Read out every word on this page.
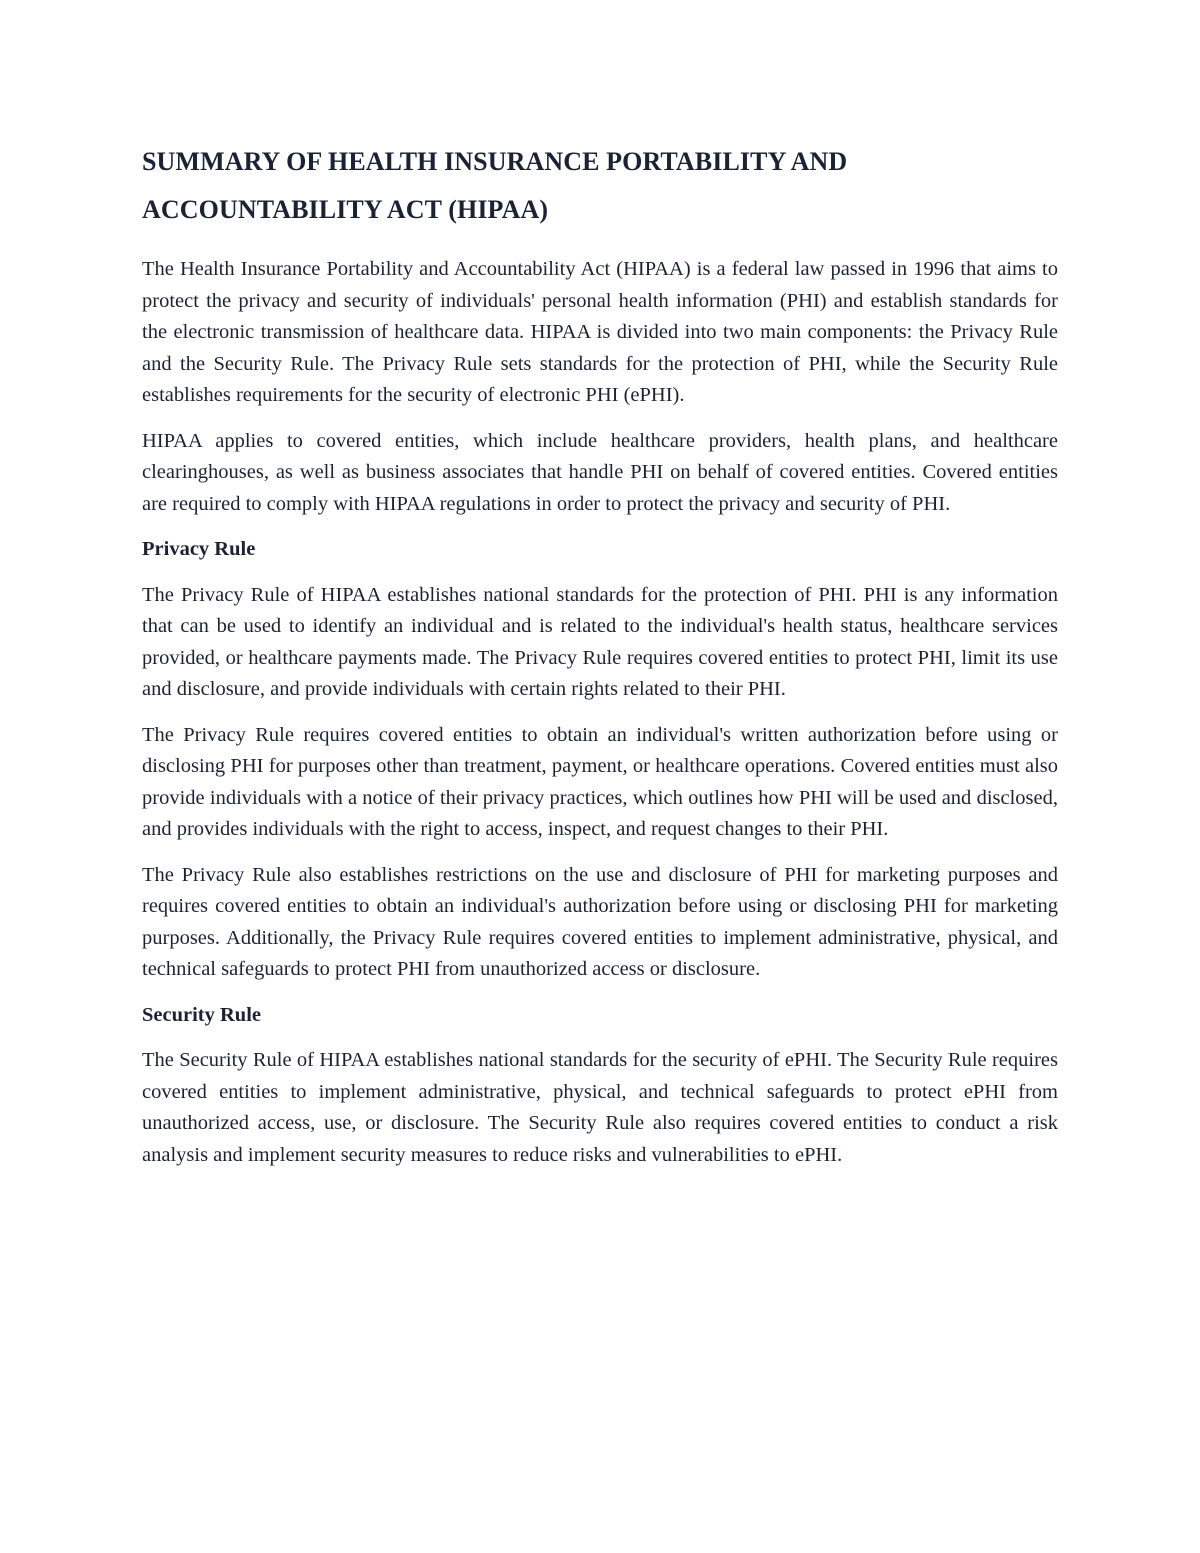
SUMMARY OF HEALTH INSURANCE PORTABILITY AND ACCOUNTABILITY ACT (HIPAA)

The Health Insurance Portability and Accountability Act (HIPAA) is a federal law passed in 1996 that aims to protect the privacy and security of individuals' personal health information (PHI) and establish standards for the electronic transmission of healthcare data. HIPAA is divided into two main components: the Privacy Rule and the Security Rule. The Privacy Rule sets standards for the protection of PHI, while the Security Rule establishes requirements for the security of electronic PHI (ePHI).

HIPAA applies to covered entities, which include healthcare providers, health plans, and healthcare clearinghouses, as well as business associates that handle PHI on behalf of covered entities. Covered entities are required to comply with HIPAA regulations in order to protect the privacy and security of PHI.

Privacy Rule

The Privacy Rule of HIPAA establishes national standards for the protection of PHI. PHI is any information that can be used to identify an individual and is related to the individual's health status, healthcare services provided, or healthcare payments made. The Privacy Rule requires covered entities to protect PHI, limit its use and disclosure, and provide individuals with certain rights related to their PHI.

The Privacy Rule requires covered entities to obtain an individual's written authorization before using or disclosing PHI for purposes other than treatment, payment, or healthcare operations. Covered entities must also provide individuals with a notice of their privacy practices, which outlines how PHI will be used and disclosed, and provides individuals with the right to access, inspect, and request changes to their PHI.

The Privacy Rule also establishes restrictions on the use and disclosure of PHI for marketing purposes and requires covered entities to obtain an individual's authorization before using or disclosing PHI for marketing purposes. Additionally, the Privacy Rule requires covered entities to implement administrative, physical, and technical safeguards to protect PHI from unauthorized access or disclosure.

Security Rule

The Security Rule of HIPAA establishes national standards for the security of ePHI. The Security Rule requires covered entities to implement administrative, physical, and technical safeguards to protect ePHI from unauthorized access, use, or disclosure. The Security Rule also requires covered entities to conduct a risk analysis and implement security measures to reduce risks and vulnerabilities to ePHI.
